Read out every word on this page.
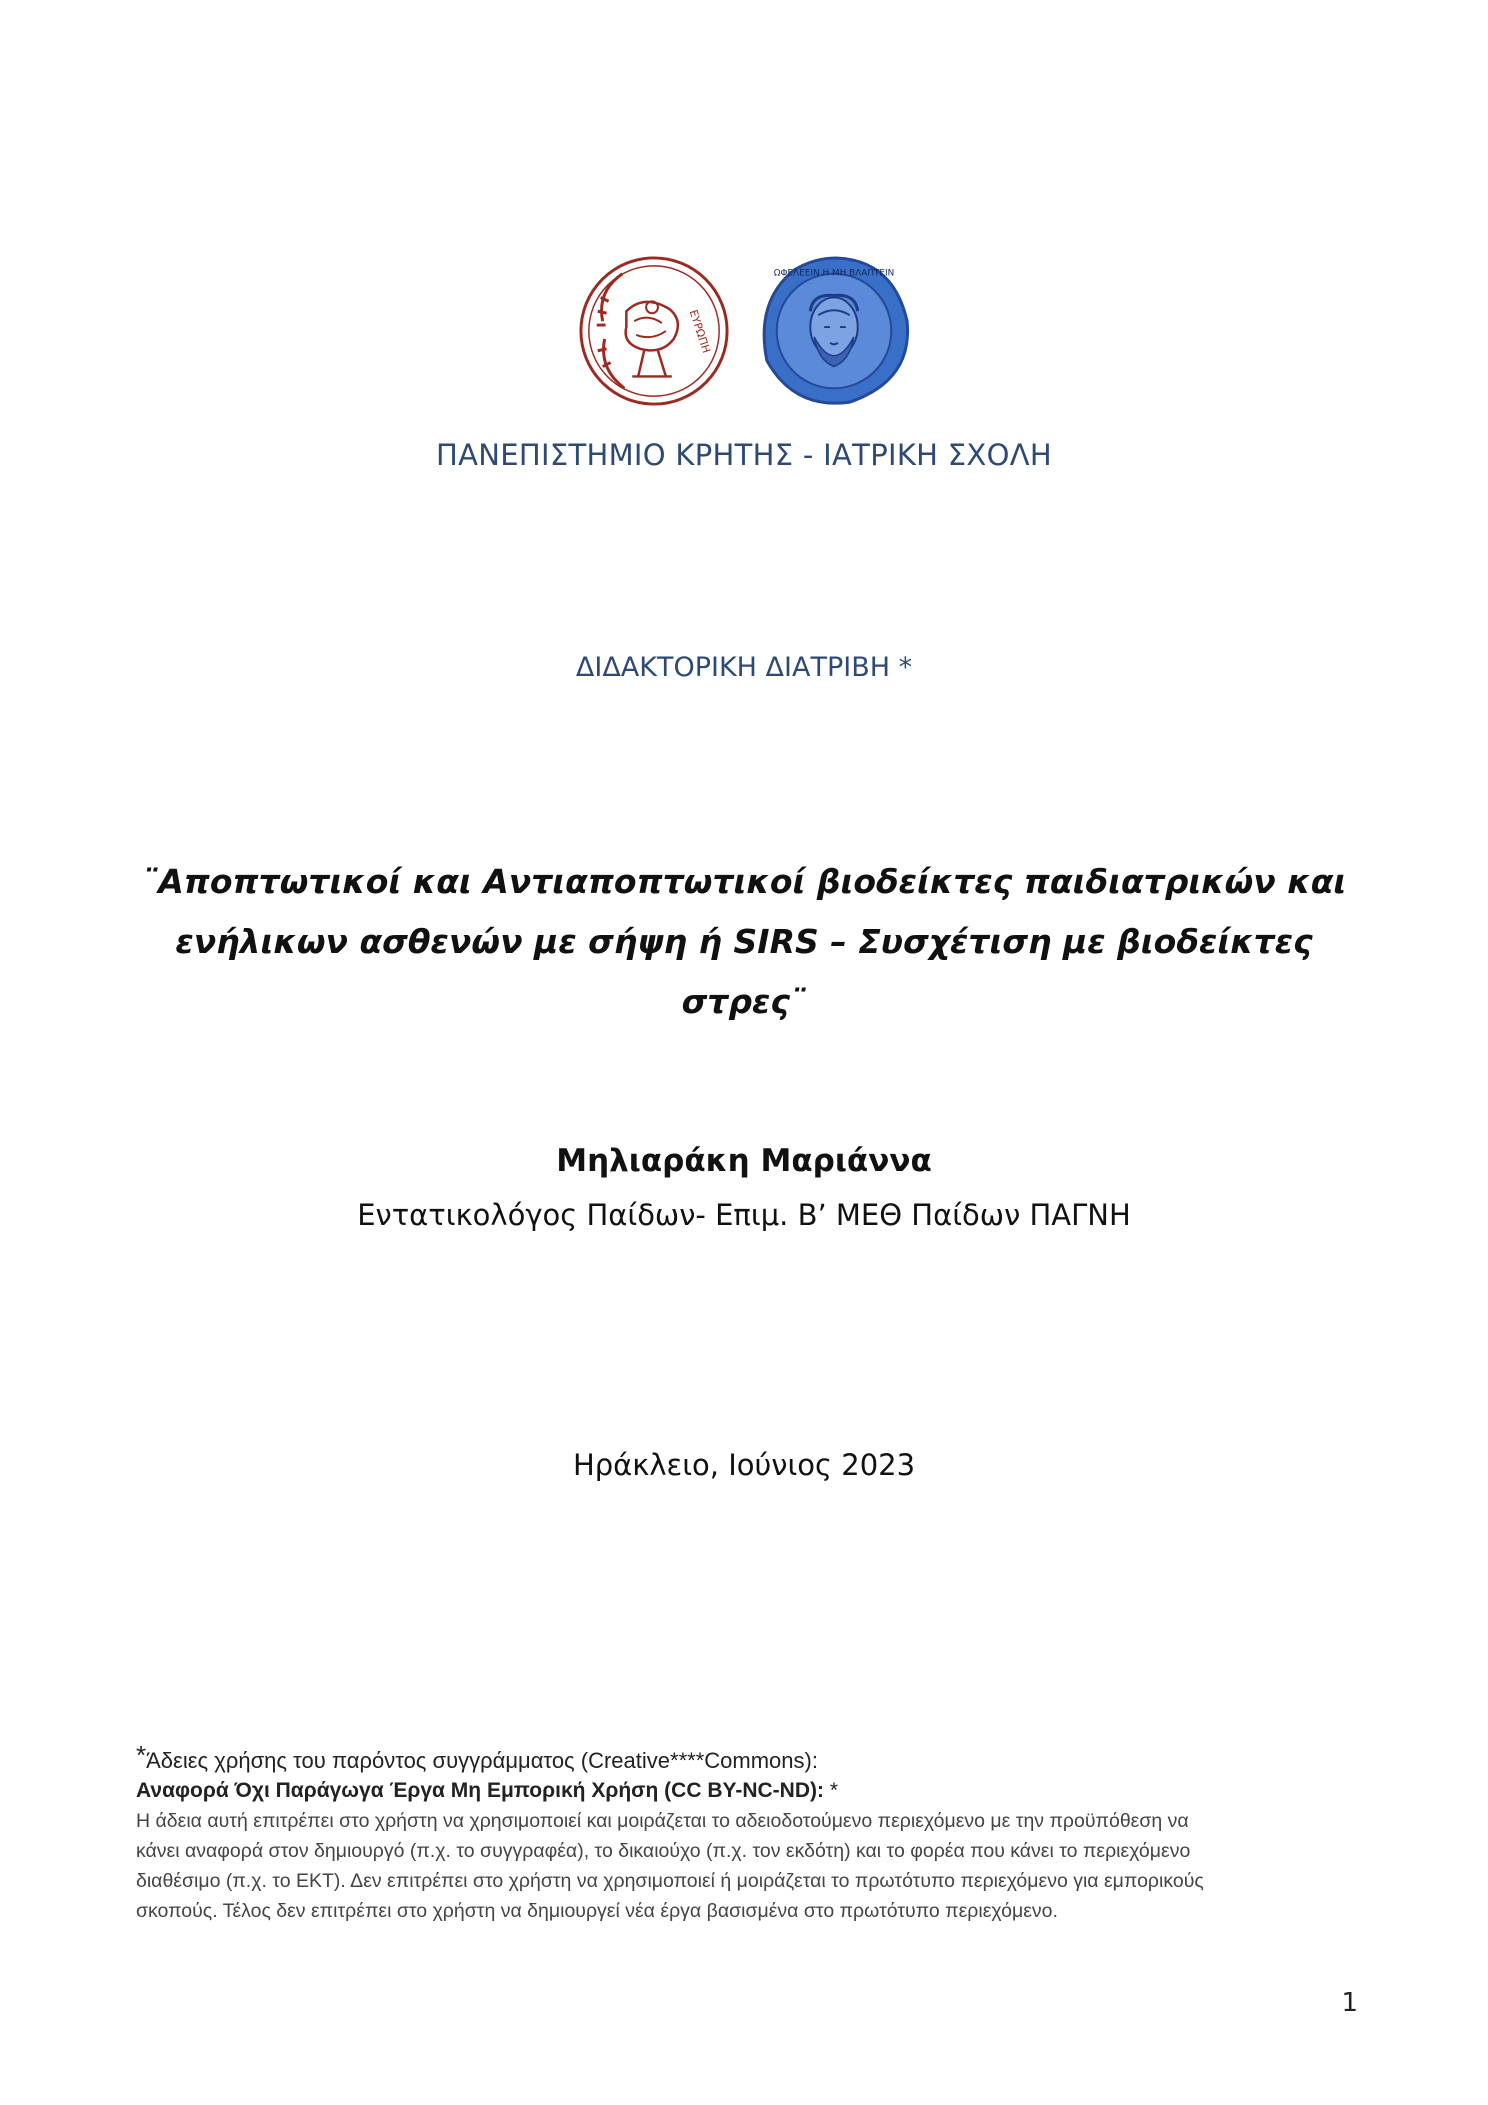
ΕΥΡΩΠΗ
ΩΦΕΛΕΕΙΝ Η ΜΗ ΒΛΑΠΤΕΙΝ
ΠΑΝΕΠΙΣΤΗΜΙΟ ΚΡΗΤΗΣ - ΙΑΤΡΙΚΗ ΣΧΟΛΗ
ΔΙΔΑΚΤΟΡΙΚΗ ΔΙΑΤΡΙΒΗ *
¨Αποπτωτικοί και Αντιαποπτωτικοί βιοδείκτες παιδιατρικών και
ενήλικων ασθενών με σήψη ή SIRS – Συσχέτιση με βιοδείκτες στρες¨
Μηλιαράκη Μαριάννα
Εντατικολόγος Παίδων- Επιμ. Β’ ΜΕΘ Παίδων ΠΑΓΝΗ
Ηράκλειο, Ιούνιος 2023
*Άδειες χρήσης του παρόντος συγγράμματος (Creative****Commons):
Αναφορά Όχι Παράγωγα Έργα Μη Εμπορική Χρήση (CC BY-NC-ND): *

Η άδεια αυτή επιτρέπει στο χρήστη να χρησιμοποιεί και μοιράζεται το αδειοδοτούμενο περιεχόμενο με την προϋπόθεση να

κάνει αναφορά στον δημιουργό (π.χ. το συγγραφέα), το δικαιούχο (π.χ. τον εκδότη) και το φορέα που κάνει το περιεχόμενο

διαθέσιμο (π.χ. το ΕΚΤ). Δεν επιτρέπει στο χρήστη να χρησιμοποιεί ή μοιράζεται το πρωτότυπο περιεχόμενο για εμπορικούς

σκοπούς. Τέλος δεν επιτρέπει στο χρήστη να δημιουργεί νέα έργα βασισμένα στο πρωτότυπο περιεχόμενο.

1
